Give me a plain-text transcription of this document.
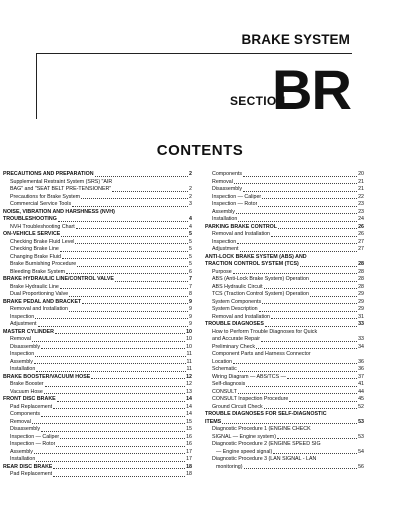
BRAKE SYSTEM
SECTION
BR
CONTENTS
PRECAUTIONS AND PREPARATION	2
Supplemental Restraint System (SRS) "AIR
BAG" and "SEAT BELT PRE-TENSIONER"	2
Precautions for Brake System	2
Commercial Service Tools	3
NOISE, VIBRATION AND HARSHNESS (NVH)
TROUBLESHOOTING	4
NVH Troubleshooting Chart	4
ON-VEHICLE SERVICE	5
Checking Brake Fluid Level	5
Checking Brake Line	5
Changing Brake Fluid	5
Brake Burnishing Procedure	5
Bleeding Brake System	6
BRAKE HYDRAULIC LINE/CONTROL VALVE	7
Brake Hydraulic Line	7
Dual Proportioning Valve	8
BRAKE PEDAL AND BRACKET	9
Removal and Installation	9
Inspection	9
Adjustment	9
MASTER CYLINDER	10
Removal	10
Disassembly	10
Inspection	11
Assembly	11
Installation	11
BRAKE BOOSTER/VACUUM HOSE	12
Brake Booster	12
Vacuum Hose	13
FRONT DISC BRAKE	14
Pad Replacement	14
Components	14
Removal	15
Disassembly	15
Inspection — Caliper	16
Inspection — Rotor	16
Assembly	17
Installation	17
REAR DISC BRAKE	18
Pad Replacement	18
Components	20
Removal	21
Disassembly	21
Inspection — Caliper	22
Inspection — Rotor	23
Assembly	23
Installation	24
PARKING BRAKE CONTROL	26
Removal and Installation	26
Inspection	27
Adjustment	27
ANTI-LOCK BRAKE SYSTEM (ABS) AND
TRACTION CONTROL SYSTEM (TCS)	28
Purpose	28
ABS (Anti-Lock Brake System) Operation	28
ABS Hydraulic Circuit	28
TCS (Traction Control System) Operation	29
System Components	29
System Description	29
Removal and Installation	31
TROUBLE DIAGNOSES	33
How to Perform Trouble Diagnoses for Quick
and Accurate Repair	33
Preliminary Check	34
Component Parts and Harness Connector
Location	36
Schematic	36
Wiring Diagram — ABS/TCS —	37
Self-diagnosis	41
CONSULT	44
CONSULT Inspection Procedure	45
Ground Circuit Check	52
TROUBLE DIAGNOSES FOR SELF-DIAGNOSTIC
ITEMS	53
Diagnostic Procedure 1 (ENGINE CHECK
SIGNAL — Engine system)	53
Diagnostic Procedure 2 (ENGINE SPEED SIG
— Engine speed signal)	54
Diagnostic Procedure 3 (LAN SIGNAL - LAN
monitoring)	56
